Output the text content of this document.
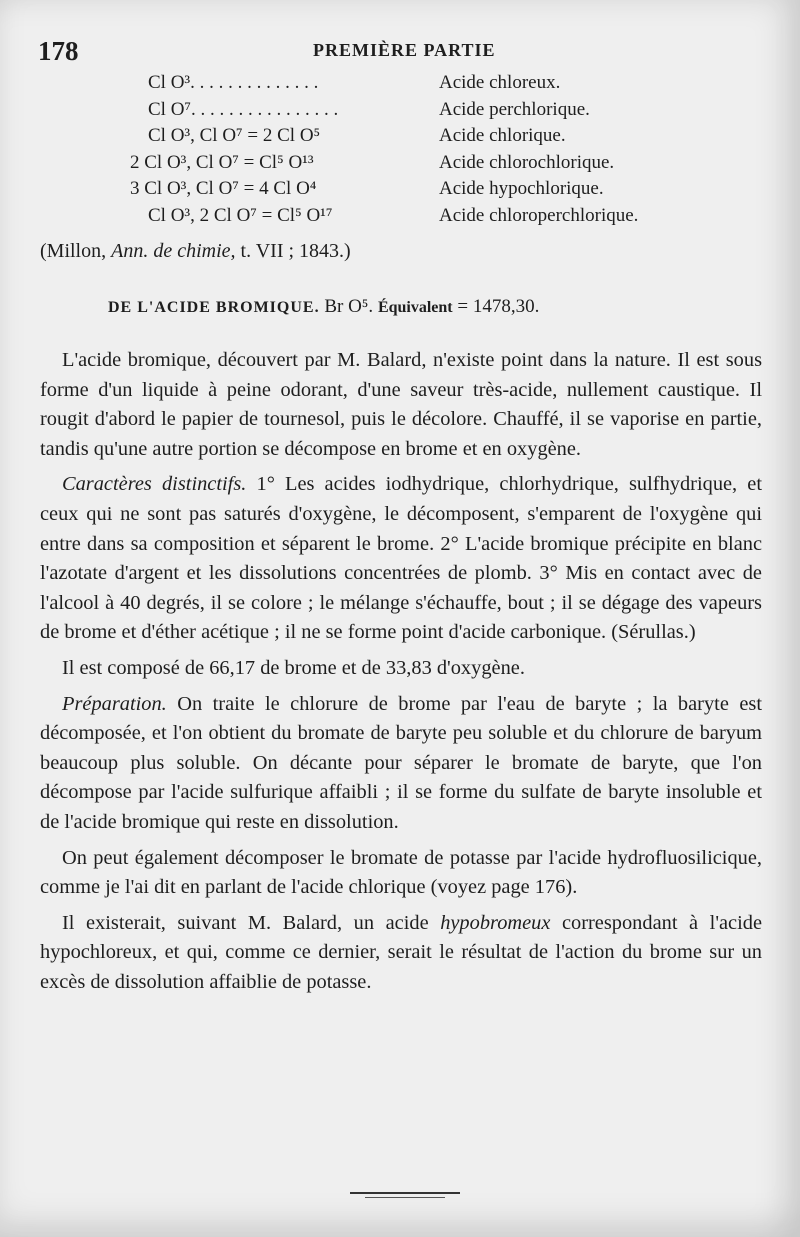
178	PREMIÈRE PARTIE
Cl O³. . . . . . . . . . . . . .	Acide chloreux.
Cl O⁷. . . . . . . . . . . . . . . .	Acide perchlorique.
Cl O³, Cl O⁷ = 2 Cl O⁵	Acide chlorique.
2 Cl O³, Cl O⁷ = Cl⁵ O¹³	Acide chlorochlorique.
3 Cl O³, Cl O⁷ = 4 Cl O⁴	Acide hypochlorique.
Cl O³, 2 Cl O⁷ = Cl⁵ O¹⁷	Acide chloroperchlorique.
(Millon, Ann. de chimie, t. VII ; 1843.)
DE L'ACIDE BROMIQUE. Br O⁵. Équivalent = 1478,30.

L'acide bromique, découvert par M. Balard, n'existe point dans la nature. Il est sous forme d'un liquide à peine odorant, d'une saveur très-acide, nullement caustique. Il rougit d'abord le papier de tournesol, puis le décolore. Chauffé, il se vaporise en partie, tandis qu'une autre portion se décompose en brome et en oxygène.

Caractères distinctifs. 1° Les acides iodhydrique, chlorhydrique, sulfhydrique, et ceux qui ne sont pas saturés d'oxygène, le décomposent, s'emparent de l'oxygène qui entre dans sa composition et séparent le brome. 2° L'acide bromique précipite en blanc l'azotate d'argent et les dissolutions concentrées de plomb. 3° Mis en contact avec de l'alcool à 40 degrés, il se colore ; le mélange s'échauffe, bout ; il se dégage des vapeurs de brome et d'éther acétique ; il ne se forme point d'acide carbonique. (Sérullas.)

Il est composé de 66,17 de brome et de 33,83 d'oxygène.

Préparation. On traite le chlorure de brome par l'eau de baryte ; la baryte est décomposée, et l'on obtient du bromate de baryte peu soluble et du chlorure de baryum beaucoup plus soluble. On décante pour séparer le bromate de baryte, que l'on décompose par l'acide sulfurique affaibli ; il se forme du sulfate de baryte insoluble et de l'acide bromique qui reste en dissolution.

On peut également décomposer le bromate de potasse par l'acide hydrofluosilicique, comme je l'ai dit en parlant de l'acide chlorique (voyez page 176).

Il existerait, suivant M. Balard, un acide hypobromeux correspondant à l'acide hypochloreux, et qui, comme ce dernier, serait le résultat de l'action du brome sur un excès de dissolution affaiblie de potasse.
